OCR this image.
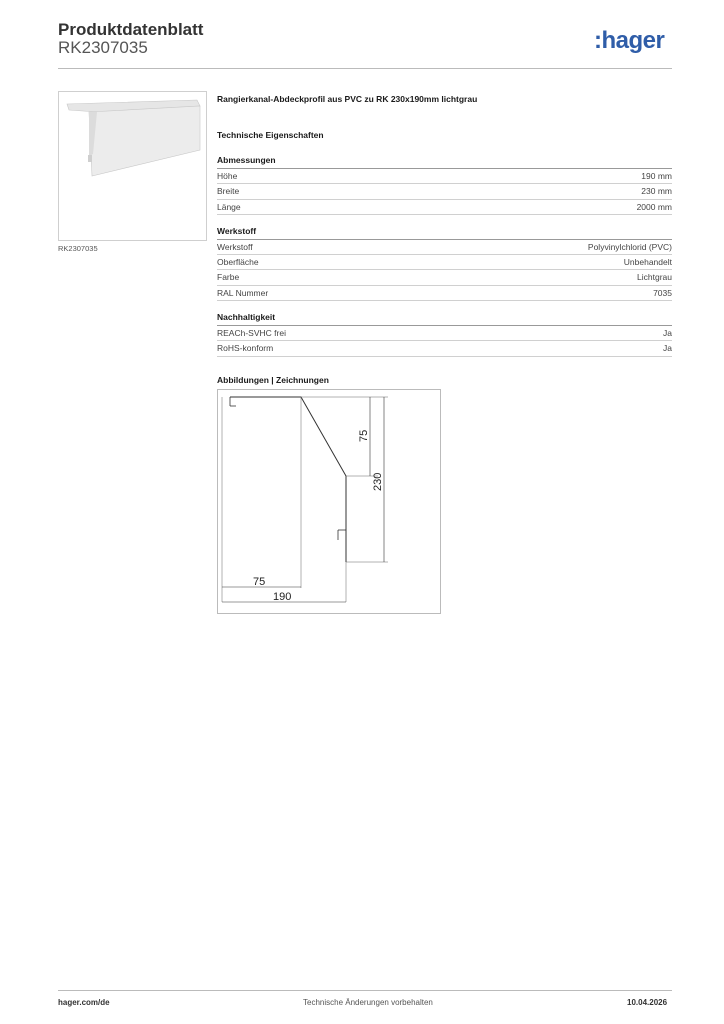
Produktdatenblatt
RK2307035	:hager
RK2307035
Rangierkanal-Abdeckprofil aus PVC zu RK 230x190mm lichtgrau
Technische Eigenschaften
Abmessungen
Höhe	190 mm
Breite	230 mm
Länge	2000 mm
Werkstoff
Werkstoff	Polyvinylchlorid (PVC)
Oberfläche	Unbehandelt
Farbe	Lichtgrau
RAL Nummer	7035
Nachhaltigkeit
REACh-SVHC frei	Ja
RoHS-konform	Ja
Abbildungen | Zeichnungen
75
230
75
190
hager.com/de	Technische Änderungen vorbehalten	10.04.2026
